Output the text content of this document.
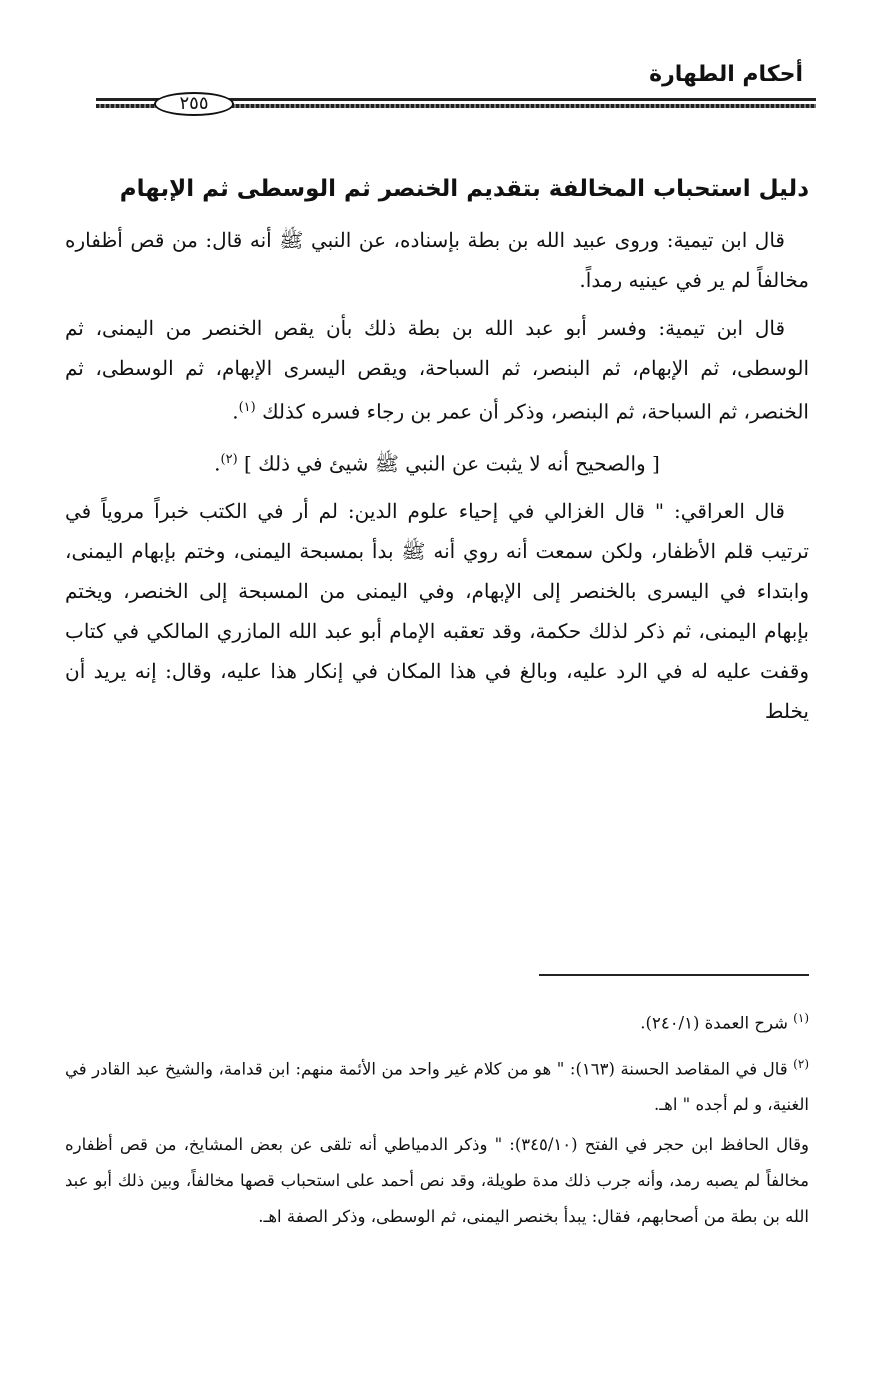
أحكام الطهارة
٢٥٥
دليل استحباب المخالفة بتقديم الخنصر ثم الوسطى ثم الإبهام

قال ابن تيمية: وروى عبيد الله بن بطة بإسناده، عن النبي ﷺ أنه قال: من قص أظفاره مخالفاً لم ير في عينيه رمداً.

قال ابن تيمية: وفسر أبو عبد الله بن بطة ذلك بأن يقص الخنصر من اليمنى، ثم الوسطى، ثم الإبهام، ثم البنصر، ثم السباحة، ويقص اليسرى الإبهام، ثم الوسطى، ثم الخنصر، ثم السباحة، ثم البنصر، وذكر أن عمر بن رجاء فسره كذلك $^{(١)}$.

[ والصحيح أنه لا يثبت عن النبي ﷺ شيئ في ذلك ] $^{(٢)}$.

قال العراقي: " قال الغزالي في إحياء علوم الدين: لم أر في الكتب خبراً مروياً في ترتيب قلم الأظفار، ولكن سمعت أنه روي أنه ﷺ بدأ بمسبحة اليمنى، وختم بإبهام اليمنى، وابتداء في اليسرى بالخنصر إلى الإبهام، وفي اليمنى من المسبحة إلى الخنصر، ويختم بإبهام اليمنى، ثم ذكر لذلك حكمة، وقد تعقبه الإمام أبو عبد الله المازري المالكي في كتاب وقفت عليه له في الرد عليه، وبالغ في هذا المكان في إنكار هذا عليه، وقال: إنه يريد أن يخلط

$^{(١)}$ شرح العمدة (٢٤٠/١).

$^{(٢)}$ قال في المقاصد الحسنة (١٦٣): " هو من كلام غير واحد من الأئمة منهم: ابن قدامة، والشيخ عبد القادر في الغنية، و لم أجده " اهـ.

وقال الحافظ ابن حجر في الفتح (٣٤٥/١٠): " وذكر الدمياطي أنه تلقى عن بعض المشايخ، من قص أظفاره مخالفاً لم يصبه رمد، وأنه جرب ذلك مدة طويلة، وقد نص أحمد على استحباب قصها مخالفاً، وبين ذلك أبو عبد الله بن بطة من أصحابهم، فقال: يبدأ بخنصر اليمنى، ثم الوسطى، وذكر الصفة اهـ.
